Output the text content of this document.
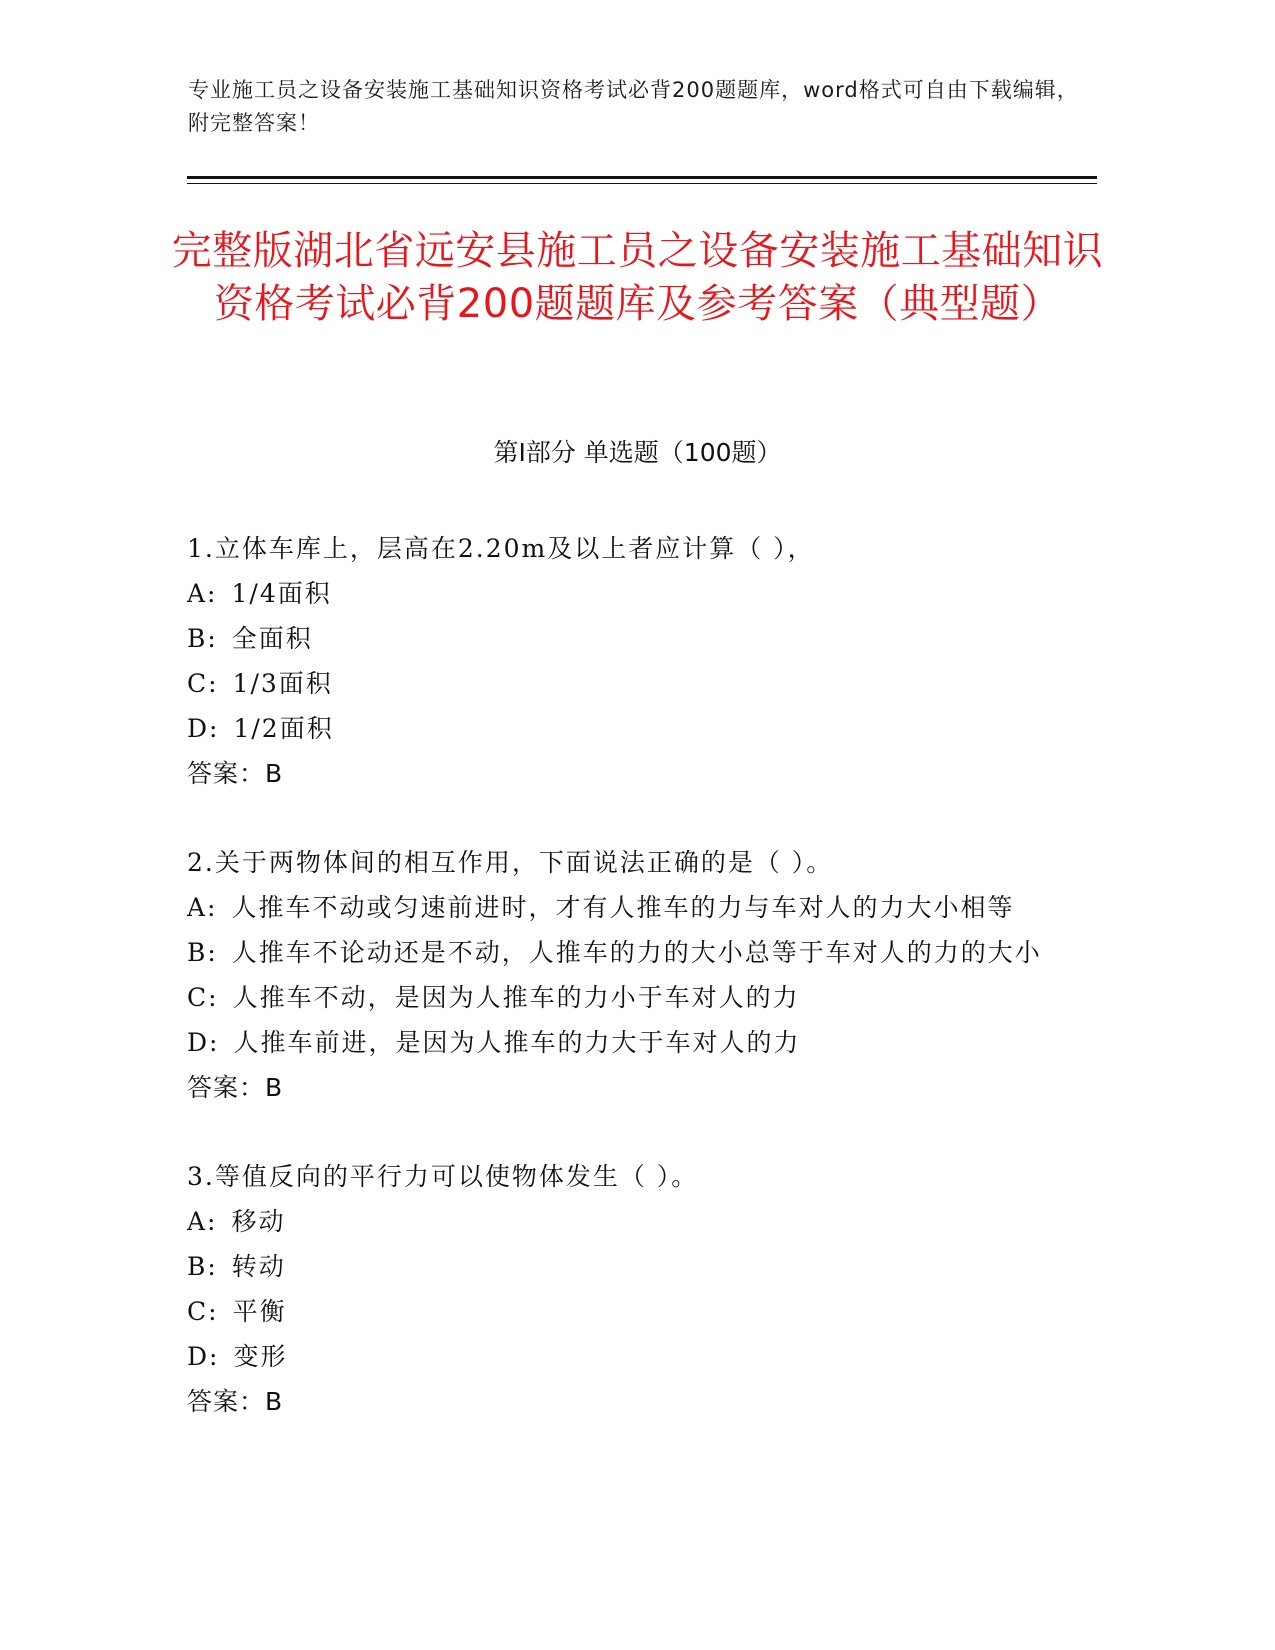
专业施工员之设备安装施工基础知识资格考试必背200题题库，word格式可自由下载编辑，附完整答案！
完整版湖北省远安县施工员之设备安装施工基础知识资格考试必背200题题库及参考答案（典型题）
第I部分 单选题（100题）
1.立体车库上，层高在2.20m及以上者应计算（ ），
A: 1/4面积
B: 全面积
C: 1/3面积
D: 1/2面积
答案：B
2.关于两物体间的相互作用，下面说法正确的是（ ）。
A: 人推车不动或匀速前进时，才有人推车的力与车对人的力大小相等
B: 人推车不论动还是不动，人推车的力的大小总等于车对人的力的大小
C: 人推车不动，是因为人推车的力小于车对人的力
D: 人推车前进，是因为人推车的力大于车对人的力
答案：B
3.等值反向的平行力可以使物体发生（ ）。
A: 移动
B: 转动
C: 平衡
D: 变形
答案：B
